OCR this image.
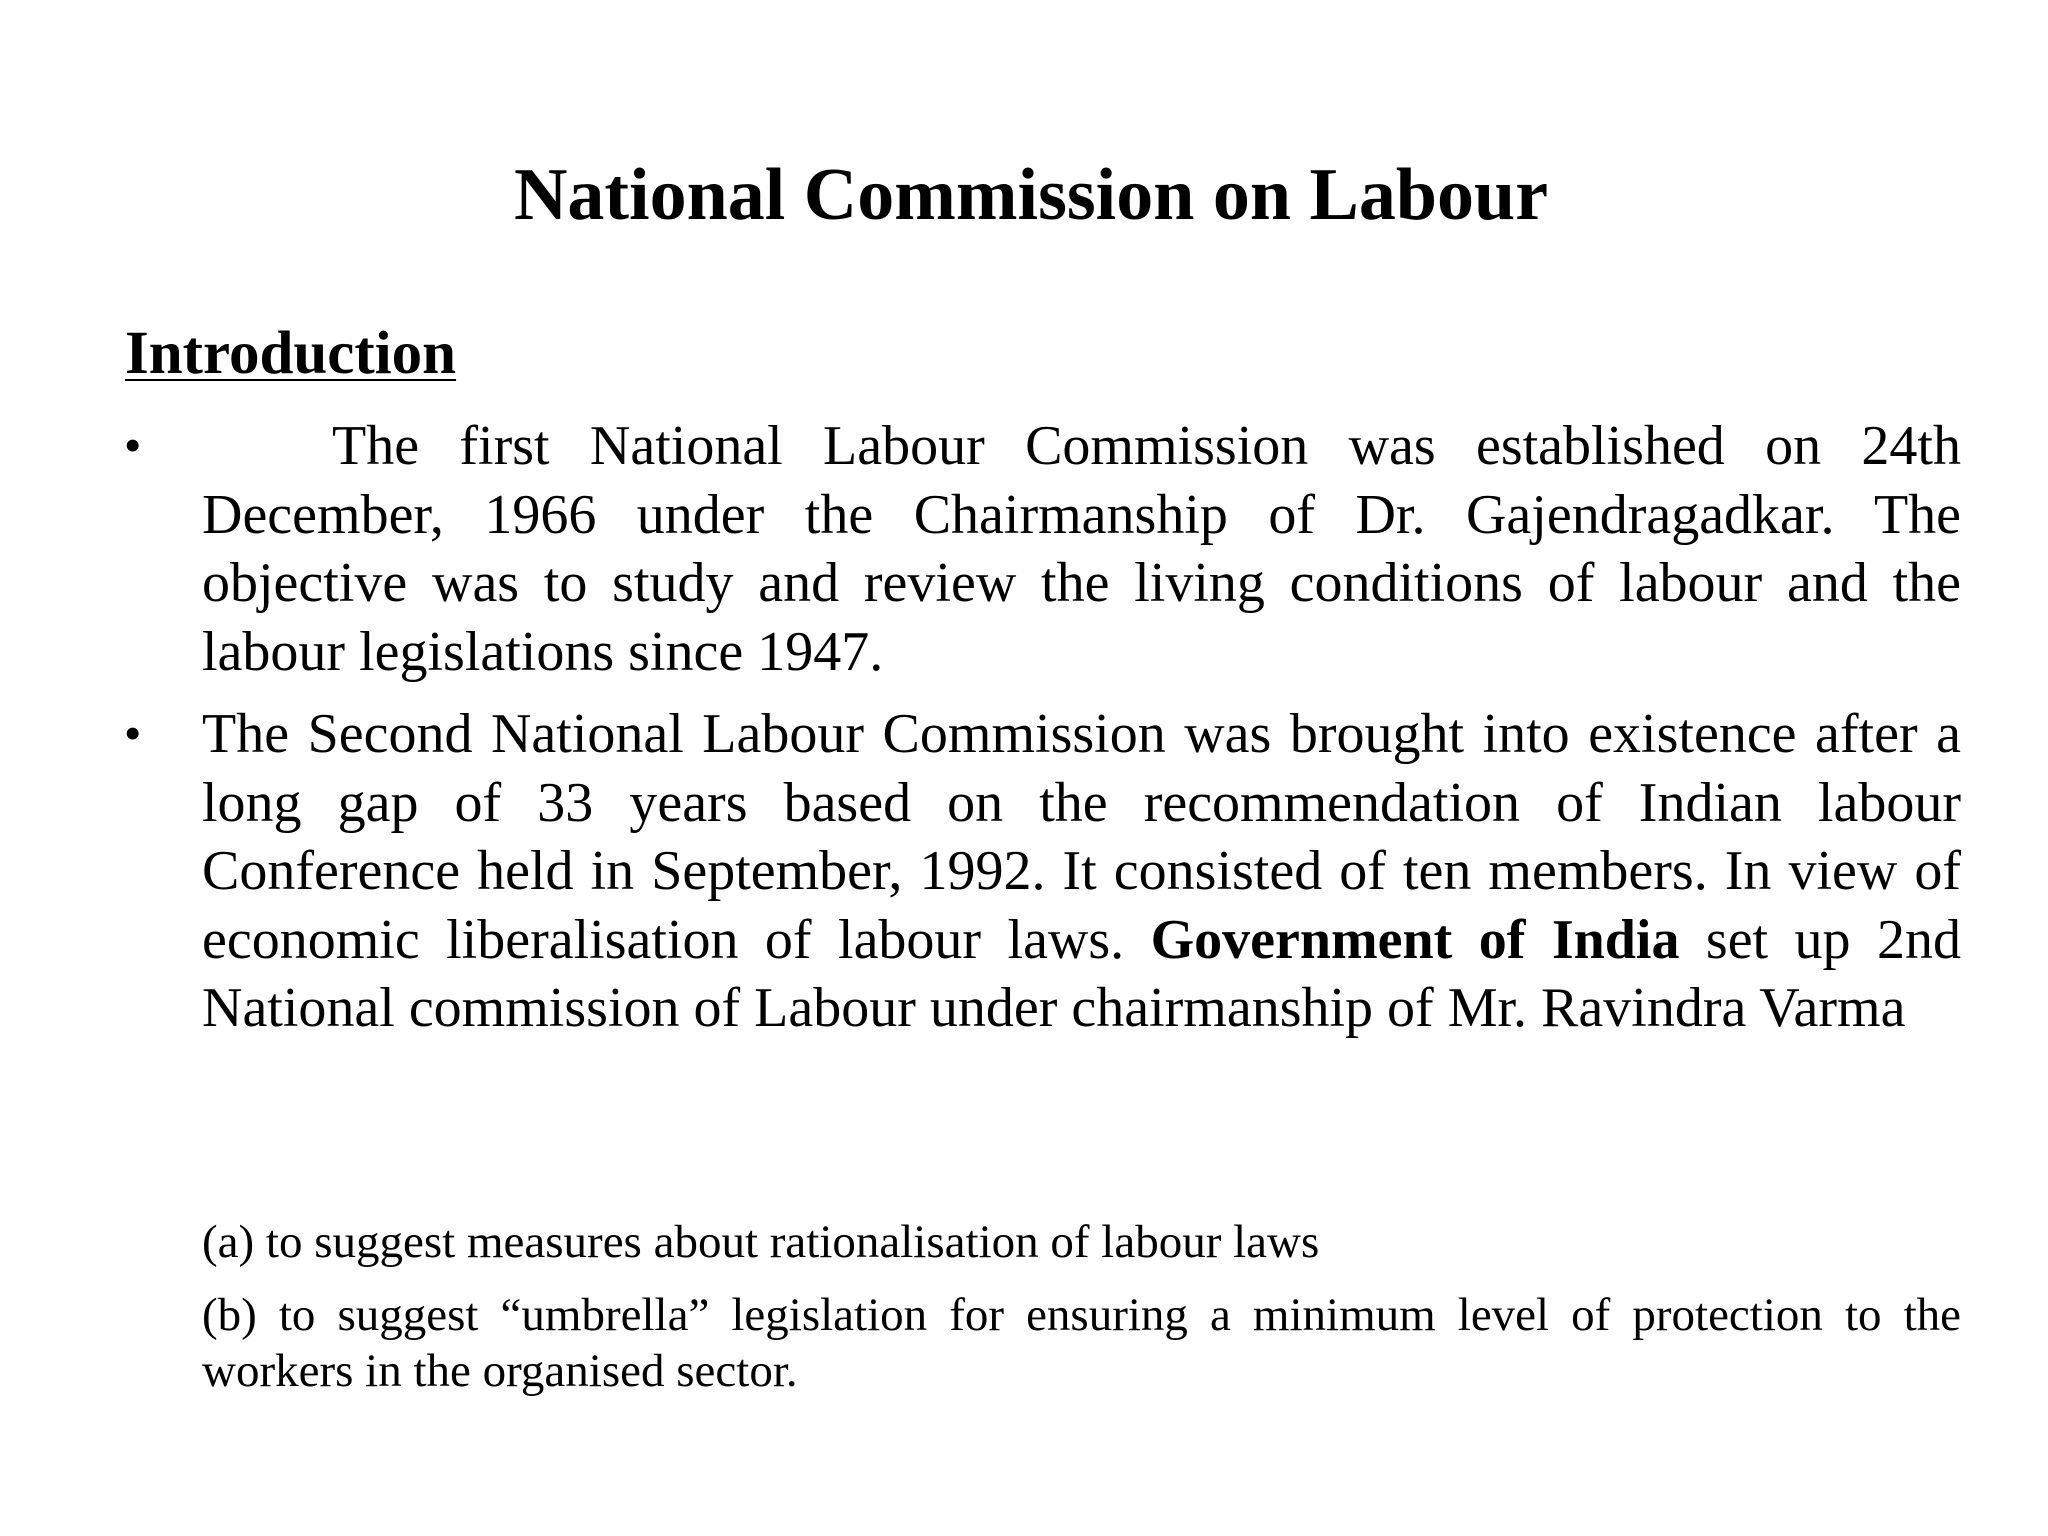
National Commission on Labour
Introduction
•	The first National Labour Commission was established on 24th December, 1966 under the Chairmanship of Dr. Gajendragadkar. The objective was to study and review the living conditions of labour and the labour legislations since 1947.
•	The Second National Labour Commission was brought into existence after a long gap of 33 years based on the recommendation of Indian labour Conference held in September, 1992. It consisted of ten members. In view of economic liberalisation of labour laws. Government of India set up 2nd National commission of Labour under chairmanship of Mr. Ravindra Varma
(a) to suggest measures about rationalisation of labour laws
(b) to suggest “umbrella” legislation for ensuring a minimum level of protection to the workers in the organised sector.
